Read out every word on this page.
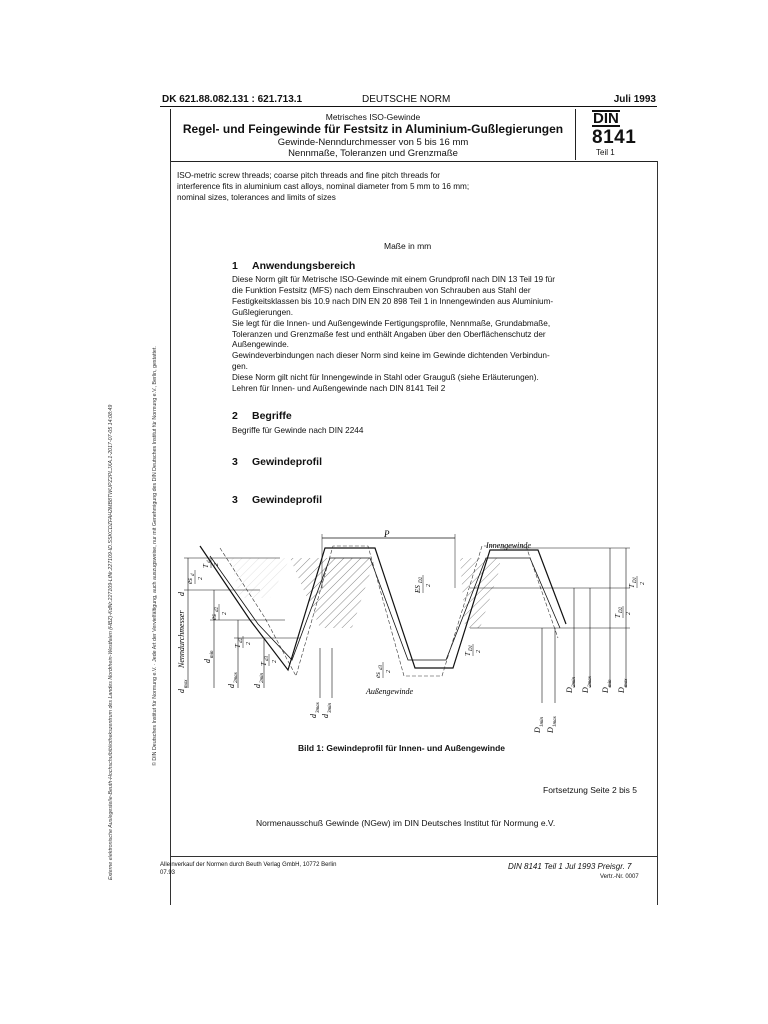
DK 621.88.082.131 : 621.713.1	DEUTSCHE NORM	Juli 1993
Metrisches ISO-Gewinde
Regel- und Feingewinde für Festsitz in Aluminium-Gußlegierungen
Gewinde-Nenndurchmesser von 5 bis 16 mm
Nennmaße, Toleranzen und Grenzmaße
DIN
8141
Teil 1
ISO-metric screw threads; coarse pitch threads and fine pitch threads for
interference fits in aluminium cast alloys, nominal diameter from 5 mm to 16 mm;
nominal sizes, tolerances and limits of sizes
Maße in mm
1 Anwendungsbereich
Diese Norm gilt für Metrische ISO-Gewinde mit einem Grundprofil nach DIN 13 Teil 19 für
die Funktion Festsitz (MFS) nach dem Einschrauben von Schrauben aus Stahl der
Festigkeitsklassen bis 10.9 nach DIN EN 20 898 Teil 1 in Innengewinden aus Aluminium-
Gußlegierungen.
Sie legt für die Innen- und Außengewinde Fertigungsprofile, Nennmaße, Grundabmaße,
Toleranzen und Grenzmaße fest und enthält Angaben über den Oberflächenschutz der
Außengewinde.
Gewindeverbindungen nach dieser Norm sind keine im Gewinde dichtenden Verbindun-
gen.
Diese Norm gilt nicht für Innengewinde in Stahl oder Grauguß (siehe Erläuterungen).
Lehren für Innen- und Außengewinde nach DIN 8141 Teil 2
2 Begriffe
Begriffe für Gewinde nach DIN 2244
3 Gewindeprofil
3 Gewindeprofil
P
Innengewinde
Außengewinde
Nenndurchmesser
d
d
max
d
min
d
2max
d
2min
d
3max
d
3min
es
d
2
es
d2
2
T
d2
2
T
d3
2
T
d
2
es
d3
2
ES
D2
2
T
D1
2
T
D2
2
T
D1
2
D
1min
D
1max
D
2min
D
2max
D
min
D
max
Bild 1: Gewindeprofil für Innen- und Außengewinde
Fortsetzung Seite 2 bis 5
Normenausschuß Gewinde (NGew) im DIN Deutsches Institut für Normung e.V.
Alleinverkauf der Normen durch Beuth Verlag GmbH, 10772 Berlin
07.93
DIN 8141 Teil 1 Jul 1993 Preisgr. 7
Vertr.-Nr. 0007
Externe elektronische Auslegestelle-Beuth-Hochschulbibliothekszentrum des Landes Nordrhein-Westfalen (HBZ)-KdNr.227109-LfNr.227109-ID.SSKCDZFAH2MB8TWUPZ2PLJXA.1-2017-07-05 14:08:49	© DIN Deutsches Institut für Normung e.V. · Jede Art der Vervielfältigung, auch auszugsweise, nur mit Genehmigung des DIN Deutsches Institut für Normung e.V., Berlin, gestattet.
